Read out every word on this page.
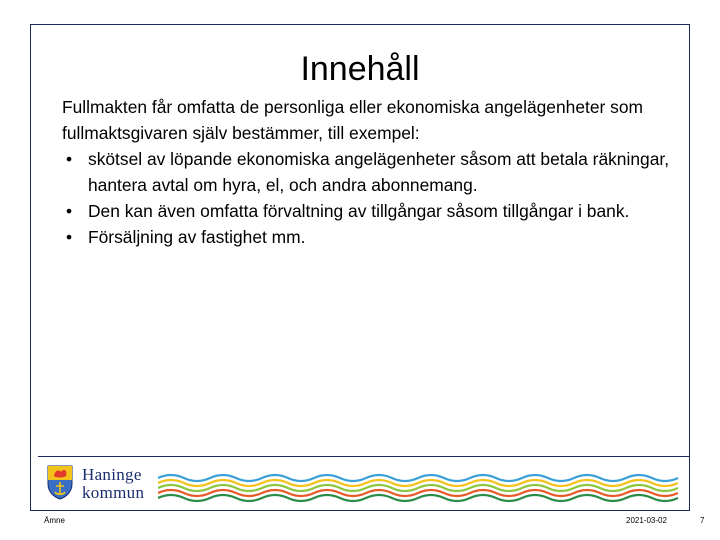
Innehåll

Fullmakten får omfatta de personliga eller ekonomiska angelägenheter som fullmaktsgivaren själv bestämmer, till exempel:

• skötsel av löpande ekonomiska angelägenheter såsom att betala räkningar, hantera avtal om hyra, el, och andra abonnemang.
• Den kan även omfatta förvaltning av tillgångar såsom tillgångar i bank.
• Försäljning av fastighet mm.
Haninge
kommun
Ämne	2021-03-02	7
